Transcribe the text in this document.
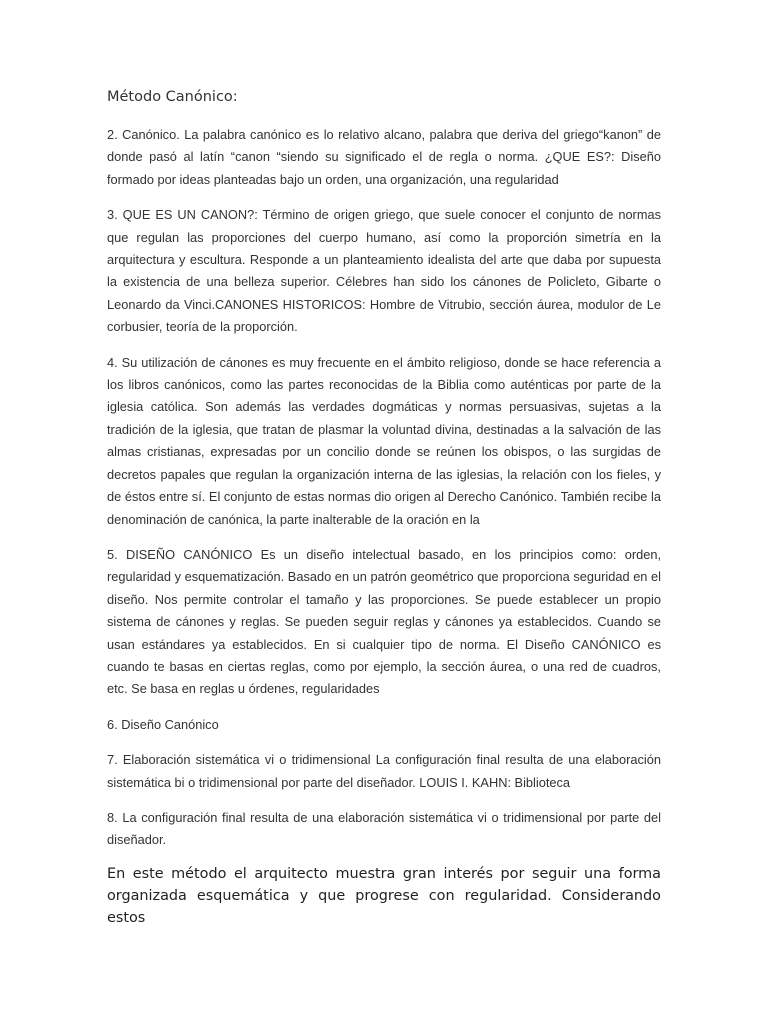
Método Canónico:

2. Canónico. La palabra canónico es lo relativo alcano, palabra que deriva del griego“kanon” de donde pasó al latín “canon “siendo su significado el de regla o norma. ¿QUE ES?: Diseño formado por ideas planteadas bajo un orden, una organización, una regularidad

3. QUE ES UN CANON?: Término de origen griego, que suele conocer el conjunto de normas que regulan las proporciones del cuerpo humano, así como la proporción simetría en la arquitectura y escultura. Responde a un planteamiento idealista del arte que daba por supuesta la existencia de una belleza superior. Célebres han sido los cánones de Policleto, Gibarte o Leonardo da Vinci.CANONES HISTORICOS: Hombre de Vitrubio, sección áurea, modulor de Le corbusier, teoría de la proporción.

4. Su utilización de cánones es muy frecuente en el ámbito religioso, donde se hace referencia a los libros canónicos, como las partes reconocidas de la Biblia como auténticas por parte de la iglesia católica. Son además las verdades dogmáticas y normas persuasivas, sujetas a la tradición de la iglesia, que tratan de plasmar la voluntad divina, destinadas a la salvación de las almas cristianas, expresadas por un concilio donde se reúnen los obispos, o las surgidas de decretos papales que regulan la organización interna de las iglesias, la relación con los fieles, y de éstos entre sí. El conjunto de estas normas dio origen al Derecho Canónico. También recibe la denominación de canónica, la parte inalterable de la oración en la

5. DISEÑO CANÓNICO Es un diseño intelectual basado, en los principios como: orden, regularidad y esquematización. Basado en un patrón geométrico que proporciona seguridad en el diseño. Nos permite controlar el tamaño y las proporciones. Se puede establecer un propio sistema de cánones y reglas. Se pueden seguir reglas y cánones ya establecidos. Cuando se usan estándares ya establecidos. En si cualquier tipo de norma. El Diseño CANÓNICO es cuando te basas en ciertas reglas, como por ejemplo, la sección áurea, o una red de cuadros, etc. Se basa en reglas u órdenes, regularidades

6. Diseño Canónico

7. Elaboración sistemática vi o tridimensional La configuración final resulta de una elaboración sistemática bi o tridimensional por parte del diseñador. LOUIS I. KAHN: Biblioteca

8. La configuración final resulta de una elaboración sistemática vi o tridimensional por parte del diseñador.

En este método el arquitecto muestra gran interés por seguir una forma organizada esquemática y que progrese con regularidad. Considerando estos
